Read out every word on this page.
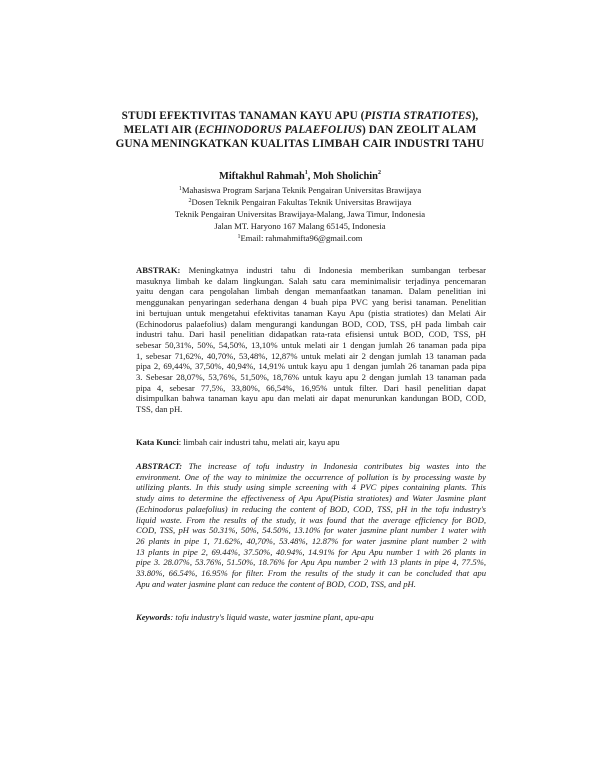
STUDI EFEKTIVITAS TANAMAN KAYU APU (PISTIA STRATIOTES),
MELATI AIR (ECHINODORUS PALAEFOLIUS) DAN ZEOLIT ALAM
GUNA MENINGKATKAN KUALITAS LIMBAH CAIR INDUSTRI TAHU
Miftakhul Rahmah$^1$, Moh Sholichin$^2$
$^1$Mahasiswa Program Sarjana Teknik Pengairan Universitas Brawijaya
$^2$Dosen Teknik Pengairan Fakultas Teknik Universitas Brawijaya
Teknik Pengairan Universitas Brawijaya-Malang, Jawa Timur, Indonesia
Jalan MT. Haryono 167 Malang 65145, Indonesia
$^1$Email: rahmahmifta96@gmail.com
ABSTRAK: Meningkatnya industri tahu di Indonesia memberikan sumbangan terbesar
masuknya limbah ke dalam lingkungan. Salah satu cara meminimalisir terjadinya pencemaran
yaitu dengan cara pengolahan limbah dengan memanfaatkan tanaman. Dalam penelitian ini
menggunakan penyaringan sederhana dengan 4 buah pipa PVC yang berisi tanaman. Penelitian
ini bertujuan untuk mengetahui efektivitas tanaman Kayu Apu (pistia stratiotes) dan Melati Air
(Echinodorus palaefolius) dalam mengurangi kandungan BOD, COD, TSS, pH pada limbah cair
industri tahu. Dari hasil penelitian didapatkan rata-rata efisiensi untuk BOD, COD, TSS, pH
sebesar 50,31%, 50%, 54,50%, 13,10% untuk melati air 1 dengan jumlah 26 tanaman pada pipa
1, sebesar 71,62%, 40,70%, 53,48%, 12,87% untuk melati air 2 dengan jumlah 13 tanaman pada
pipa 2, 69,44%, 37,50%, 40,94%, 14,91% untuk kayu apu 1 dengan jumlah 26 tanaman pada pipa
3. Sebesar 28,07%, 53,76%, 51,50%, 18,76% untuk kayu apu 2 dengan jumlah 13 tanaman pada
pipa 4, sebesar 77,5%, 33,80%, 66,54%, 16,95% untuk filter. Dari hasil penelitian dapat
disimpulkan bahwa tanaman kayu apu dan melati air dapat menurunkan kandungan BOD, COD,
TSS, dan pH.
Kata Kunci: limbah cair industri tahu, melati air, kayu apu
ABSTRACT: The increase of tofu industry in Indonesia contributes big wastes into the
environment. One of the way to minimize the occurrence of pollution is by processing waste by
utilizing plants. In this study using simple screening with 4 PVC pipes containing plants. This
study aims to determine the effectiveness of Apu Apu(Pistia stratiotes) and Water Jasmine plant
(Echinodorus palaefolius) in reducing the content of BOD, COD, TSS, pH in the tofu industry's
liquid waste. From the results of the study, it was found that the average efficiency for BOD,
COD, TSS, pH was 50.31%, 50%, 54.50%, 13.10% for water jasmine plant number 1 water with
26 plants in pipe 1, 71.62%, 40,70%, 53.48%, 12.87% for water jasmine plant number 2 with
13 plants in pipe 2, 69.44%, 37.50%, 40.94%, 14.91% for Apu Apu number 1 with 26 plants in
pipe 3. 28.07%, 53.76%, 51.50%, 18.76% for Apu Apu number 2 with 13 plants in pipe 4, 77.5%,
33.80%, 66.54%, 16.95% for filter. From the results of the study it can be concluded that apu
Apu and water jasmine plant can reduce the content of BOD, COD, TSS, and pH.
Keywords: tofu industry's liquid waste, water jasmine plant, apu-apu
